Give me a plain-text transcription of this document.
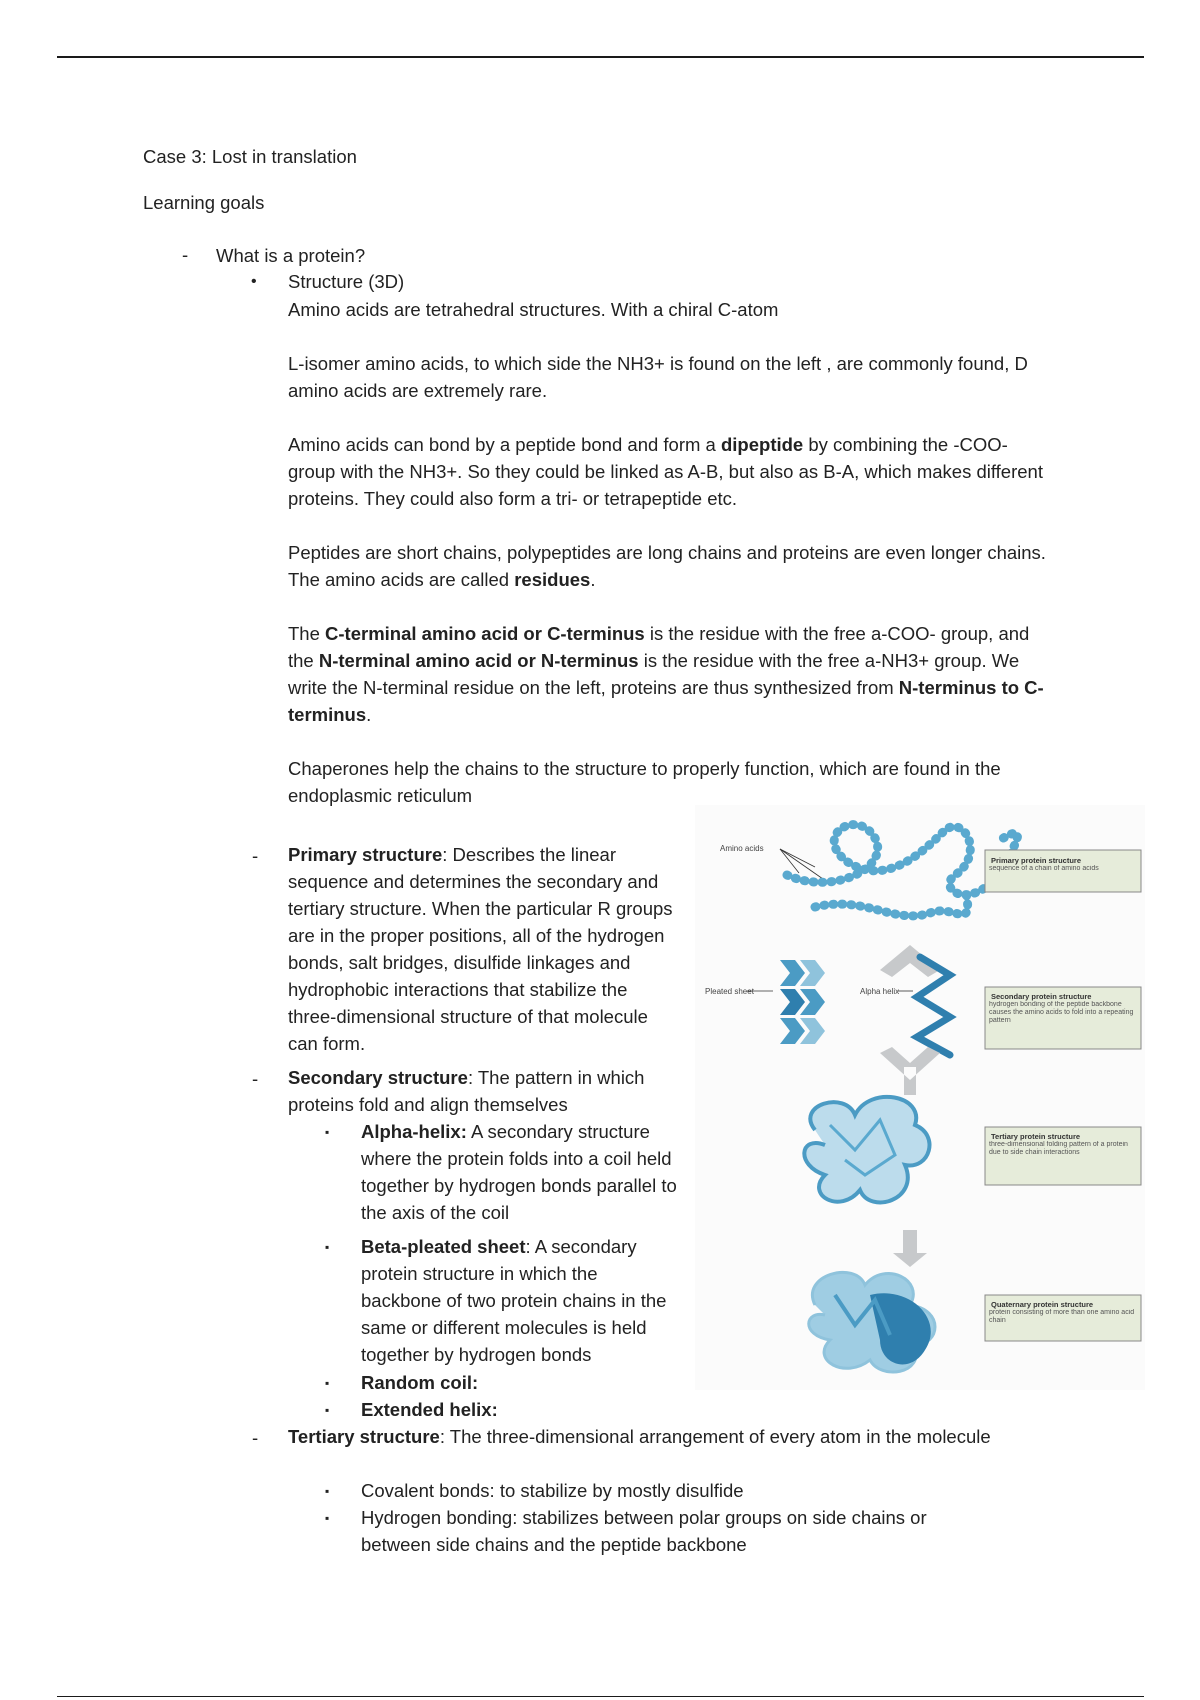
Case 3: Lost in translation
Learning goals
- What is a protein?
• Structure (3D)
Amino acids are tetrahedral structures. With a chiral C-atom
L-isomer amino acids, to which side the NH3+ is found on the left , are commonly found, D amino acids are extremely rare.
Amino acids can bond by a peptide bond and form a dipeptide by combining the -COO- group with the NH3+. So they could be linked as A-B, but also as B-A, which makes different proteins. They could also form a tri- or tetrapeptide etc.
Peptides are short chains, polypeptides are long chains and proteins are even longer chains. The amino acids are called residues.
The C-terminal amino acid or C-terminus is the residue with the free a-COO- group, and the N-terminal amino acid or N-terminus is the residue with the free a-NH3+ group. We write the N-terminal residue on the left, proteins are thus synthesized from N-terminus to C-terminus.
Chaperones help the chains to the structure to properly function, which are found in the endoplasmic reticulum
- Primary structure: Describes the linear sequence and determines the secondary and tertiary structure. When the particular R groups are in the proper positions, all of the hydrogen bonds, salt bridges, disulfide linkages and hydrophobic interactions that stabilize the three-dimensional structure of that molecule can form.
- Secondary structure: The pattern in which proteins fold and align themselves
▪ Alpha-helix: A secondary structure where the protein folds into a coil held together by hydrogen bonds parallel to the axis of the coil
▪ Beta-pleated sheet: A secondary protein structure in which the backbone of two protein chains in the same or different molecules is held together by hydrogen bonds
▪ Random coil:
▪ Extended helix:
- Tertiary structure: The three-dimensional arrangement of every atom in the molecule
▪ Covalent bonds: to stabilize by mostly disulfide
▪ Hydrogen bonding: stabilizes between polar groups on side chains or between side chains and the peptide backbone
Amino acids
Primary protein structure
sequence of a chain of amino acids
Pleated sheet	Alpha helix
Secondary protein structure
hydrogen bonding of the peptide backbone causes the amino acids to fold into a repeating pattern
Tertiary protein structure
three-dimensional folding pattern of a protein due to side chain interactions
Quaternary protein structure
protein consisting of more than one amino acid chain
